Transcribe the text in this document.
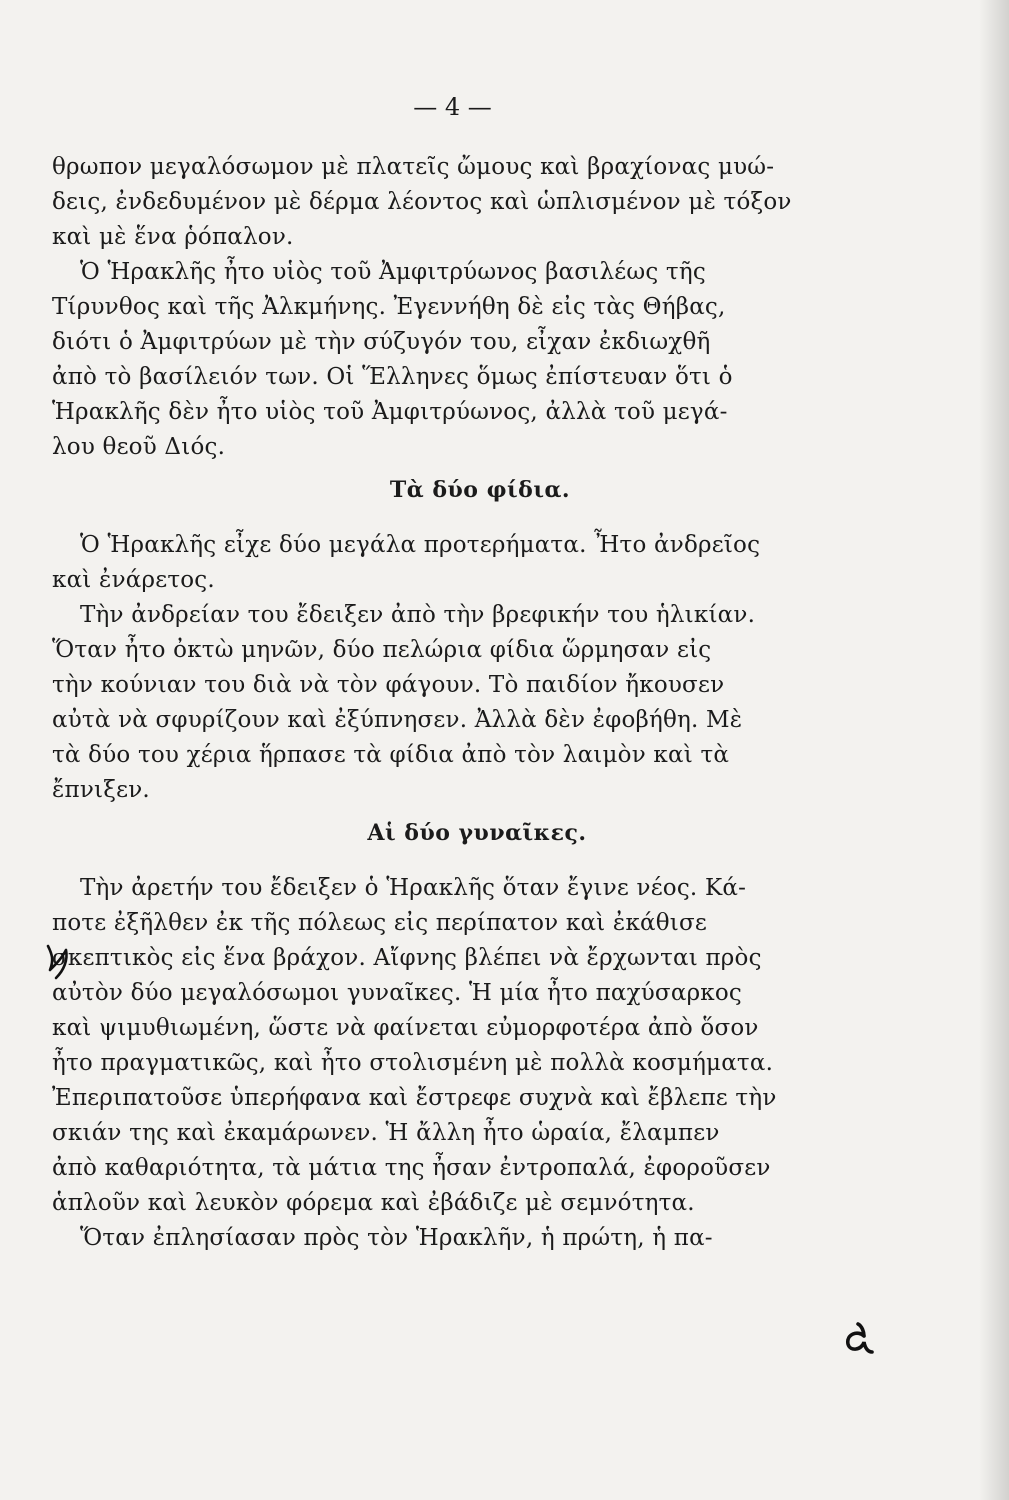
— 4 —
θρωπον μεγαλόσωμον μὲ πλατεῖς ὤμους καὶ βραχίονας μυώ-
δεις, ἐνδεδυμένον μὲ δέρμα λέοντος καὶ ὡπλισμένον μὲ τόξον
καὶ μὲ ἕνα ῥόπαλον.
Ὁ Ἡρακλῆς ἦτο υἱὸς τοῦ Ἀμφιτρύωνος βασιλέως τῆς
Τίρυνθος καὶ τῆς Ἀλκμήνης. Ἐγεννήθη δὲ εἰς τὰς Θήβας,
διότι ὁ Ἀμφιτρύων μὲ τὴν σύζυγόν του, εἶχαν ἐκδιωχθῆ
ἀπὸ τὸ βασίλειόν των. Οἱ Ἕλληνες ὅμως ἐπίστευαν ὅτι ὁ
Ἡρακλῆς δὲν ἦτο υἱὸς τοῦ Ἀμφιτρύωνος, ἀλλὰ τοῦ μεγά-
λου θεοῦ Διός.
Τὰ δύο φίδια.
Ὁ Ἡρακλῆς εἶχε δύο μεγάλα προτερήματα. Ἦτο ἀνδρεῖος
καὶ ἐνάρετος.
Τὴν ἀνδρείαν του ἔδειξεν ἀπὸ τὴν βρεφικήν του ἡλικίαν.
Ὅταν ἦτο ὀκτὼ μηνῶν, δύο πελώρια φίδια ὥρμησαν εἰς
τὴν κούνιαν του διὰ νὰ τὸν φάγουν. Τὸ παιδίον ἤκουσεν
αὐτὰ νὰ σφυρίζουν καὶ ἐξύπνησεν. Ἀλλὰ δὲν ἐφοβήθη. Μὲ
τὰ δύο του χέρια ἥρπασε τὰ φίδια ἀπὸ τὸν λαιμὸν καὶ τὰ
ἔπνιξεν.
Αἱ δύο γυναῖκες.
Τὴν ἀρετήν του ἔδειξεν ὁ Ἡρακλῆς ὅταν ἔγινε νέος. Κά-
ποτε ἐξῆλθεν ἐκ τῆς πόλεως εἰς περίπατον καὶ ἐκάθισε
σκεπτικὸς εἰς ἕνα βράχον. Αἴφνης βλέπει νὰ ἔρχωνται πρὸς
αὐτὸν δύο μεγαλόσωμοι γυναῖκες. Ἡ μία ἦτο παχύσαρκος
καὶ ψιμυθιωμένη, ὥστε νὰ φαίνεται εὐμορφοτέρα ἀπὸ ὅσον
ἦτο πραγματικῶς, καὶ ἦτο στολισμένη μὲ πολλὰ κοσμήματα.
Ἐπεριπατοῦσε ὑπερήφανα καὶ ἔστρεφε συχνὰ καὶ ἔβλεπε τὴν
σκιάν της καὶ ἐκαμάρωνεν. Ἡ ἄλλη ἦτο ὡραία, ἔλαμπεν
ἀπὸ καθαριότητα, τὰ μάτια της ἦσαν ἐντροπαλά, ἐφοροῦσεν
ἁπλοῦν καὶ λευκὸν φόρεμα καὶ ἐβάδιζε μὲ σεμνότητα.
Ὅταν ἐπλησίασαν πρὸς τὸν Ἡρακλῆν, ἡ πρώτη, ἡ πα-
